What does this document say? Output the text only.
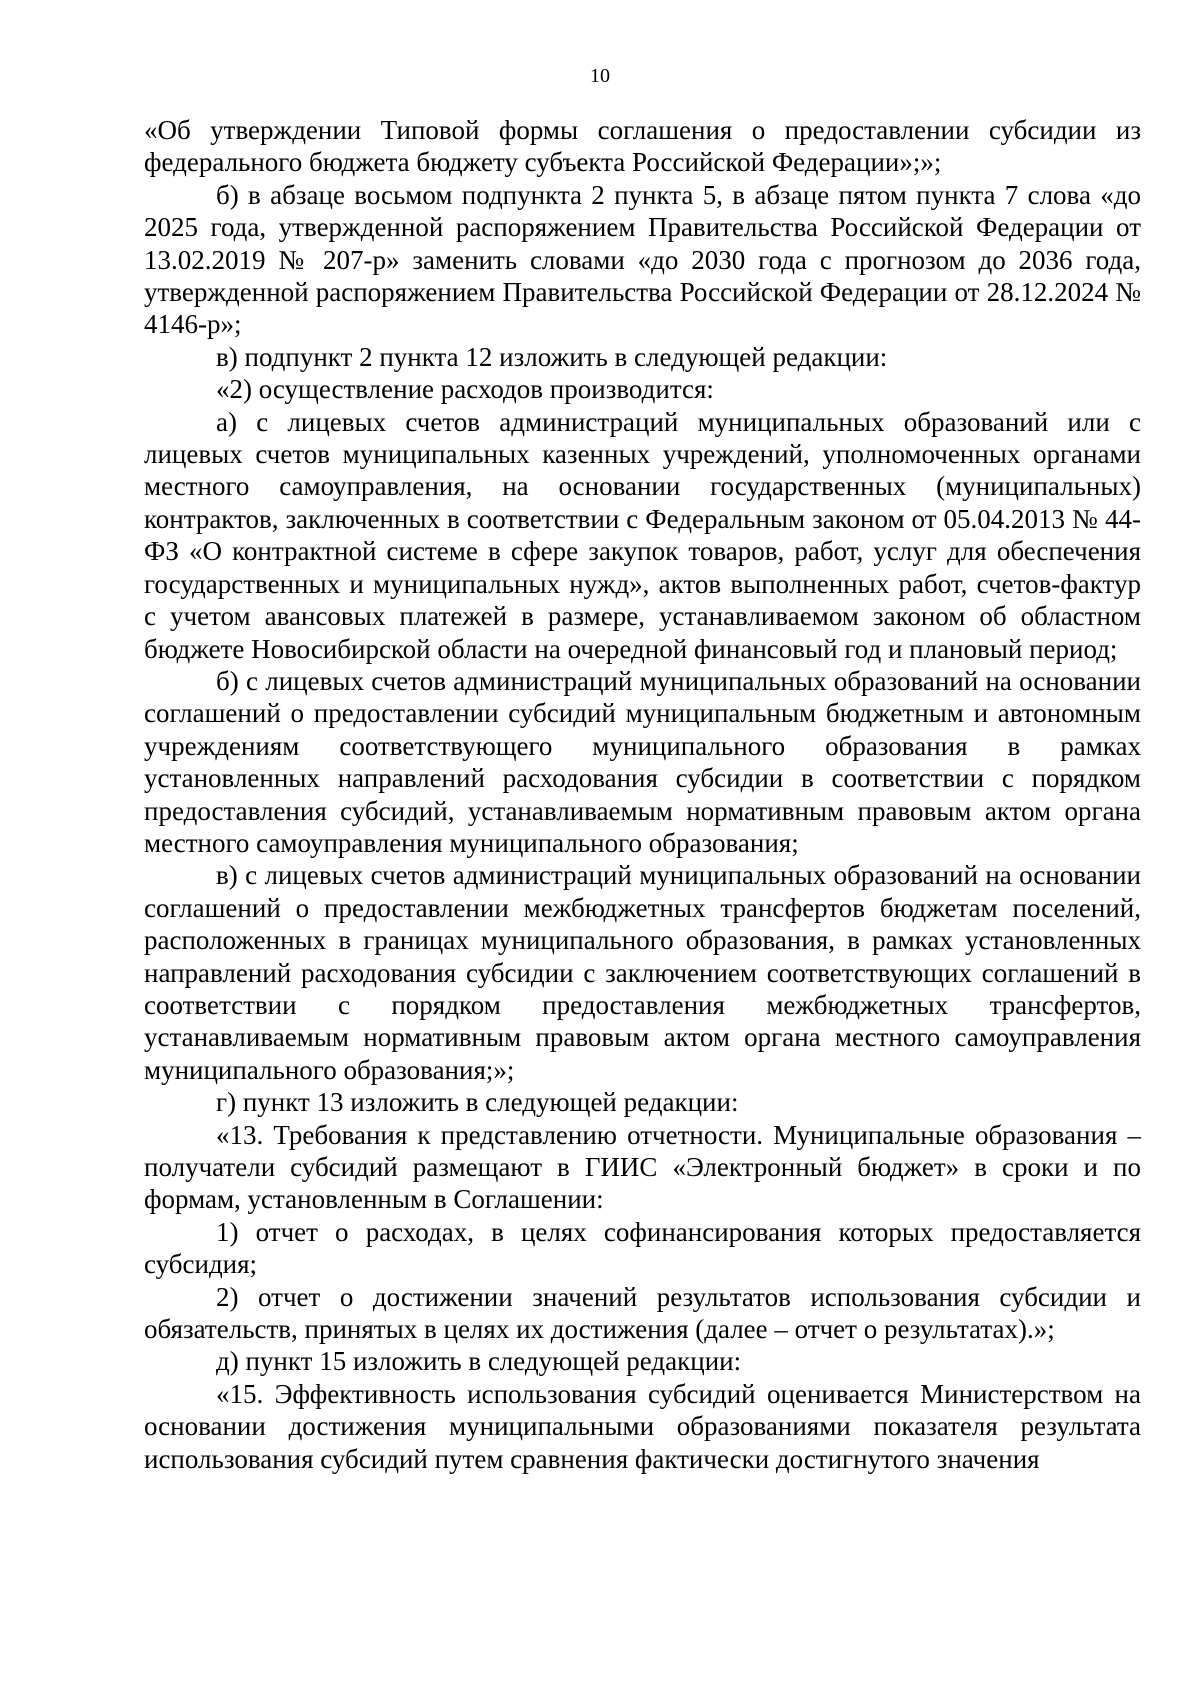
10

«Об утверждении Типовой формы соглашения о предоставлении субсидии из федерального бюджета бюджету субъекта Российской Федерации»;»;

б) в абзаце восьмом подпункта 2 пункта 5, в абзаце пятом пункта 7 слова «до 2025 года, утвержденной распоряжением Правительства Российской Федерации от 13.02.2019 № 207-р» заменить словами «до 2030 года с прогнозом до 2036 года, утвержденной распоряжением Правительства Российской Федерации от 28.12.2024 № 4146-р»;

в) подпункт 2 пункта 12 изложить в следующей редакции:

«2) осуществление расходов производится:

а) с лицевых счетов администраций муниципальных образований или с лицевых счетов муниципальных казенных учреждений, уполномоченных органами местного самоуправления, на основании государственных (муниципальных) контрактов, заключенных в соответствии с Федеральным законом от 05.04.2013 № 44-ФЗ «О контрактной системе в сфере закупок товаров, работ, услуг для обеспечения государственных и муниципальных нужд», актов выполненных работ, счетов-фактур с учетом авансовых платежей в размере, устанавливаемом законом об областном бюджете Новосибирской области на очередной финансовый год и плановый период;

б) с лицевых счетов администраций муниципальных образований на основании соглашений о предоставлении субсидий муниципальным бюджетным и автономным учреждениям соответствующего муниципального образования в рамках установленных направлений расходования субсидии в соответствии с порядком предоставления субсидий, устанавливаемым нормативным правовым актом органа местного самоуправления муниципального образования;

в) с лицевых счетов администраций муниципальных образований на основании соглашений о предоставлении межбюджетных трансфертов бюджетам поселений, расположенных в границах муниципального образования, в рамках установленных направлений расходования субсидии с заключением соответствующих соглашений в соответствии с порядком предоставления межбюджетных трансфертов, устанавливаемым нормативным правовым актом органа местного самоуправления муниципального образования;»;

г) пункт 13 изложить в следующей редакции:

«13. Требования к представлению отчетности. Муниципальные образования – получатели субсидий размещают в ГИИС «Электронный бюджет» в сроки и по формам, установленным в Соглашении:

1) отчет о расходах, в целях софинансирования которых предоставляется субсидия;

2) отчет о достижении значений результатов использования субсидии и обязательств, принятых в целях их достижения (далее – отчет о результатах).»;

д) пункт 15 изложить в следующей редакции:

«15. Эффективность использования субсидий оценивается Министерством на основании достижения муниципальными образованиями показателя результата использования субсидий путем сравнения фактически достигнутого значения
